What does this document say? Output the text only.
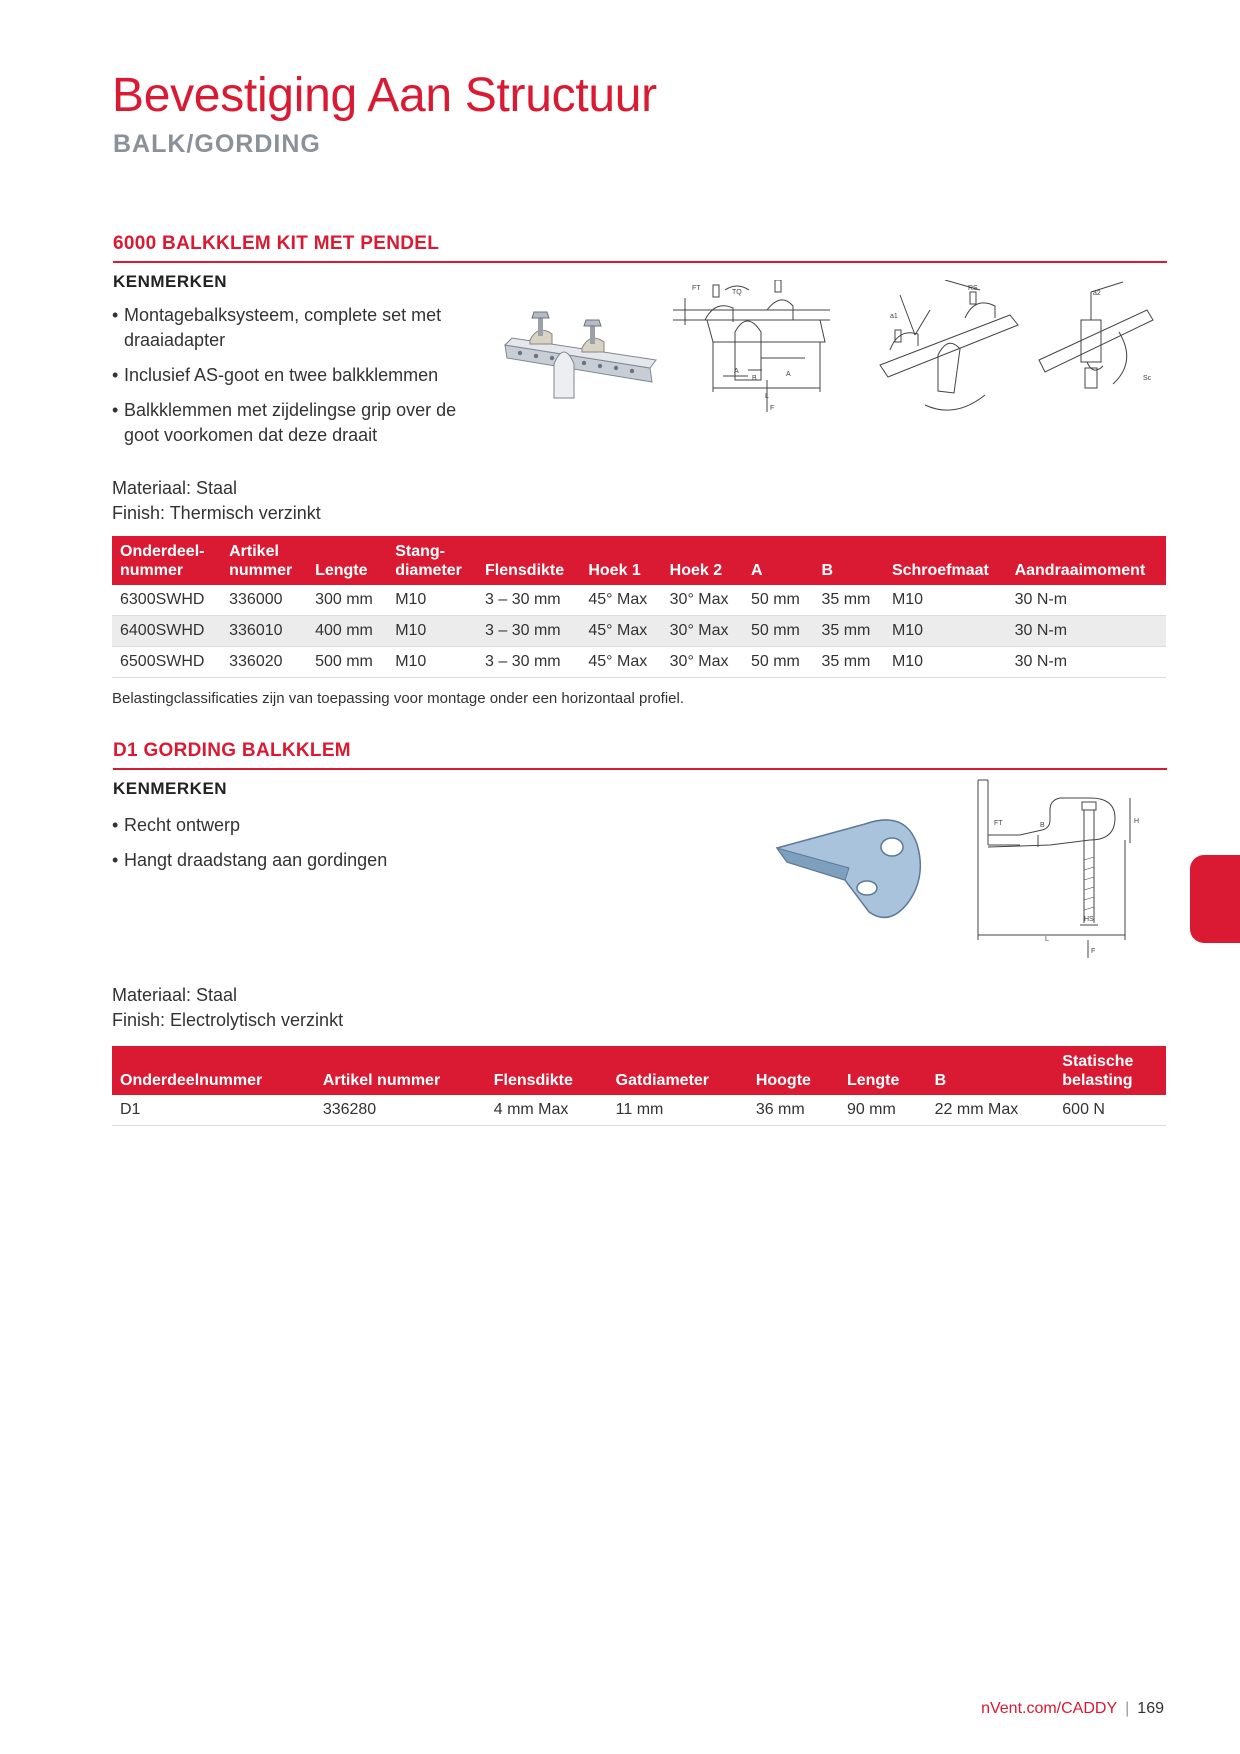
Bevestiging Aan Structuur
BALK/GORDING
6000 BALKKLEM KIT MET PENDEL
KENMERKEN
• Montagebalksysteem, complete set met draaiadapter
• Inclusief AS-goot en twee balkklemmen
• Balkklemmen met zijdelingse grip over de goot voorkomen dat deze draait
FT
TQ
A
B
A
L
F
RS
a1
a2
Sc
Materiaal: Staal
Finish: Thermisch verzinkt
Onderdeel-
nummer	Artikel
nummer	Lengte	Stang-
diameter	Flensdikte	Hoek 1	Hoek 2	A	B	Schroefmaat	Aandraaimoment
6300SWHD	336000	300 mm	M10	3 – 30 mm	45° Max	30° Max	50 mm	35 mm	M10	30 N-m
6400SWHD	336010	400 mm	M10	3 – 30 mm	45° Max	30° Max	50 mm	35 mm	M10	30 N-m
6500SWHD	336020	500 mm	M10	3 – 30 mm	45° Max	30° Max	50 mm	35 mm	M10	30 N-m
Belastingclassificaties zijn van toepassing voor montage onder een horizontaal profiel.
D1 GORDING BALKKLEM
KENMERKEN
• Recht ontwerp
• Hangt draadstang aan gordingen
FT	B
H
HS
L
F
Materiaal: Staal
Finish: Electrolytisch verzinkt

Onderdeelnummer	Artikel nummer	Flensdikte	Gatdiameter	Hoogte	Lengte	B	Statische
belasting
D1	336280	4 mm Max	11 mm	36 mm	90 mm	22 mm Max	600 N
nVent.com/CADDY | 169
